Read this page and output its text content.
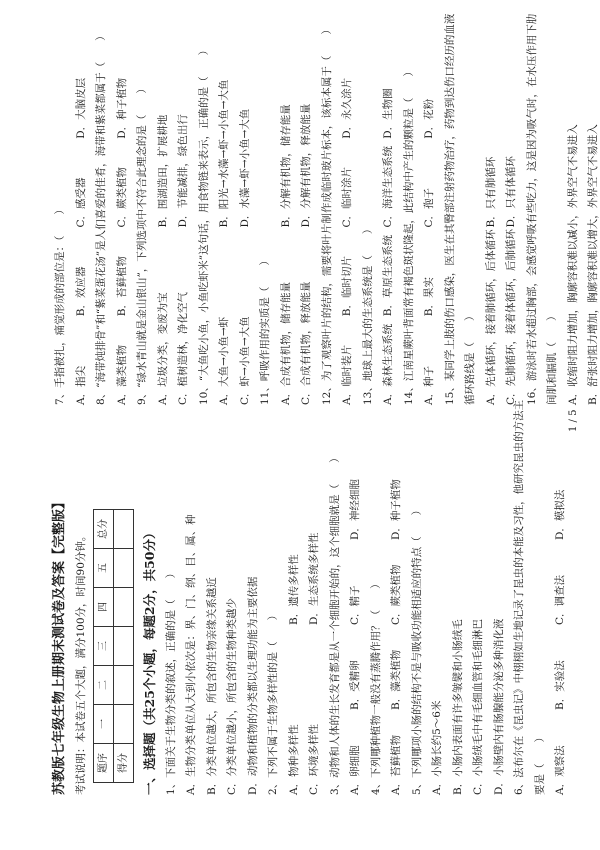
苏教版七年级生物上册期末测试卷及答案【完整版】 考试说明：本试卷五个大题，满分100分，时间90分钟。	题序	一	二	三	四	五	总分
得分						一、选择题（共25个小题，每题2分，共50分） 1、下面关于生物分类的叙述，正确的是（　　） A．生物分类单位从大到小依次是：界、门、纲、目、属、种 B．分类单位越大，所包含的生物亲缘关系越近 C．分类单位越小，所包含的生物种类越少 D．动物和植物的分类都以生理功能为主要依据 2、下列不属于生物多样性的是（　　） A．物种多样性
B．遗传多样性
C．环境多样性
D．生态系统多样性 3、动物和人体的生长发育都是从一个细胞开始的，这个细胞就是（　　） A．卵细胞
B．受精卵
C．精子
D．神经细胞
4、下列哪种植物一般没有蒸腾作用？（　　） A．苔藓植物
B．藻类植物
C．蕨类植物
D．种子植物 5、下列哪项小肠的结构不是与吸收功能相适应的特点（　　） A．小肠长约5～6米 B．小肠内表面有许多皱襞和小肠绒毛 C．小肠绒毛中有毛细血管和毛细淋巴 D．小肠壁内有肠腺能分泌多种消化液 6、法布尔在《昆虫记》中栩栩如生地记录了昆虫的本能及习性，他研究昆虫的方法主 要是（　　） A．观察法
B．实验法
C．调查法
D．模拟法
7、手指被扎，痛觉形成的部位是：（　　） A．指尖
B．效应器
C．感受器
D．大脑皮层 8、“海带炖排骨”和“紫菜蛋花汤”是人们喜爱的佳肴，海带和紫菜都属于（　　） A．藻类植物
B．苔藓植物
C．蕨类植物
D．种子植物 9、“绿水青山就是金山银山”，下列选项中不符合此理念的是（　　） A．垃圾分类，变废为宝
B．围湖造田，扩展耕地
C．植树造林，净化空气
D．节能减排，绿色出行 10、“大鱼吃小鱼，小鱼吃虾米”这句话，用食物链来表示，正确的是（　　） A．大鱼→小鱼→虾
B．阳光→水藻→虾→小鱼→大鱼
C．虾→小鱼→大鱼
D．水藻→虾→小鱼→大鱼
11、呼吸作用的实质是（　　） A．合成有机物，储存能量
B．分解有机物，储存能量
C．合成有机物，释放能量
D．分解有机物，释放能量 12、为了观察叶片的结构，需要将叶片制作成临时玻片标本，该标本属于（　　） A．临时装片
B．临时切片
C．临时涂片
D．永久涂片
13、地球上最大的生态系统是（　　） A．森林生态系统
B．草原生态系统
C．海洋生态系统
D．生物圈 14、江南星蕨叶背面常有褐色斑状隆起，此结构中产生的颗粒是（　　） A．种子
B．果实
C．孢子
D．花粉 15、某同学上肢的伤口感染，医生在其臀部注射药物治疗，药物到达伤口经历的血液 循环路线是（　　） A．先体循环，接着肺循环，后体循环
B．只有肺循环
C．先肺循环，接着体循环，后肺循环
D．只有体循环 16、游泳时若水超过胸部，会感觉呼吸有些吃力，这是因为吸气时，在水压作用下肋 间肌和膈肌（　　） A．收缩时阻力增加，胸廓容积难以减小，外界空气不易进入 B．舒张时阻力增加，胸廓容积难以增大，外界空气不易进入
1 / 5
